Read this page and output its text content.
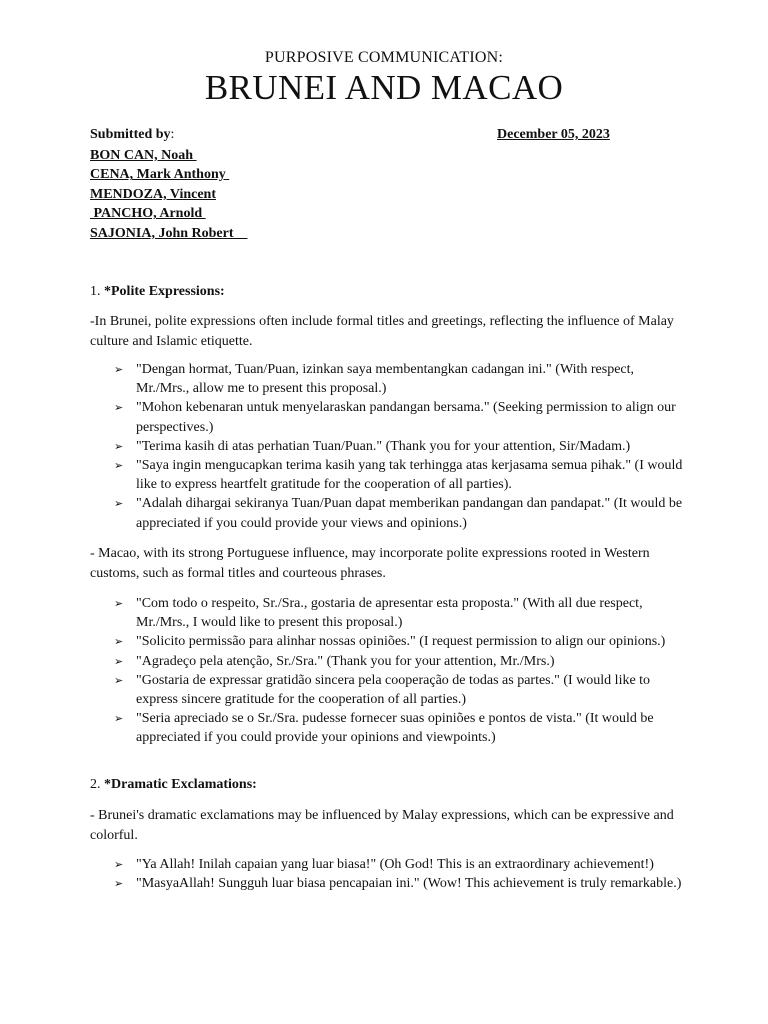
PURPOSIVE COMMUNICATION:
BRUNEI AND MACAO
Submitted by:	December 05, 2023
BON CAN, Noah
CENA, Mark Anthony
MENDOZA, Vincent
PANCHO, Arnold
SAJONIA, John Robert
1. *Polite Expressions:
-In Brunei, polite expressions often include formal titles and greetings, reflecting the influence of Malay culture and Islamic etiquette.
➢ "Dengan hormat, Tuan/Puan, izinkan saya membentangkan cadangan ini." (With respect, Mr./Mrs., allow me to present this proposal.)
➢ "Mohon kebenaran untuk menyelaraskan pandangan bersama." (Seeking permission to align our perspectives.)
➢ "Terima kasih di atas perhatian Tuan/Puan." (Thank you for your attention, Sir/Madam.)
➢ "Saya ingin mengucapkan terima kasih yang tak terhingga atas kerjasama semua pihak." (I would like to express heartfelt gratitude for the cooperation of all parties).
➢ "Adalah dihargai sekiranya Tuan/Puan dapat memberikan pandangan dan pandapat." (It would be appreciated if you could provide your views and opinions.)
- Macao, with its strong Portuguese influence, may incorporate polite expressions rooted in Western customs, such as formal titles and courteous phrases.
➢ "Com todo o respeito, Sr./Sra., gostaria de apresentar esta proposta." (With all due respect, Mr./Mrs., I would like to present this proposal.)
➢ "Solicito permissão para alinhar nossas opiniões." (I request permission to align our opinions.)
➢ "Agradeço pela atenção, Sr./Sra." (Thank you for your attention, Mr./Mrs.)
➢ "Gostaria de expressar gratidão sincera pela cooperação de todas as partes." (I would like to express sincere gratitude for the cooperation of all parties.)
➢ "Seria apreciado se o Sr./Sra. pudesse fornecer suas opiniões e pontos de vista." (It would be appreciated if you could provide your opinions and viewpoints.)
2. *Dramatic Exclamations:
- Brunei's dramatic exclamations may be influenced by Malay expressions, which can be expressive and colorful.
➢ "Ya Allah! Inilah capaian yang luar biasa!" (Oh God! This is an extraordinary achievement!)
➢ "MasyaAllah! Sungguh luar biasa pencapaian ini." (Wow! This achievement is truly remarkable.)
